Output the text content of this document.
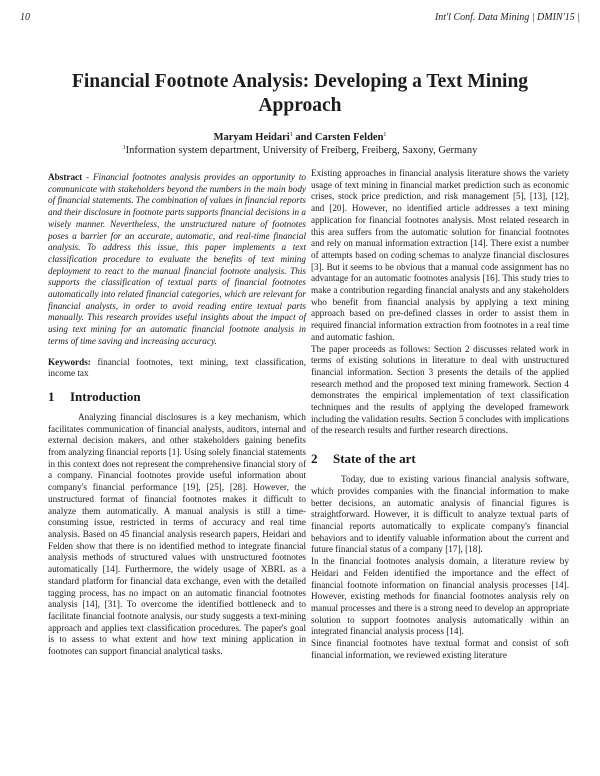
10	Int'l Conf. Data Mining | DMIN'15 |
Financial Footnote Analysis: Developing a Text Mining Approach
Maryam Heidari$^1$ and Carsten Felden$^1$
$^1$Information system department, University of Freiberg, Freiberg, Saxony, Germany

Abstract - Financial footnotes analysis provides an opportunity to communicate with stakeholders beyond the numbers in the main body of financial statements. The combination of values in financial reports and their disclosure in footnote parts supports financial decisions in a wisely manner. Nevertheless, the unstructured nature of footnotes poses a barrier for an accurate, automatic, and real-time financial analysis. To address this issue, this paper implements a text classification procedure to evaluate the benefits of text mining deployment to react to the manual financial footnote analysis. This supports the classification of textual parts of financial footnotes automatically into related financial categories, which are relevant for financial analysts, in order to avoid reading entire textual parts manually. This research provides useful insights about the impact of using text mining for an automatic financial footnote analysis in terms of time saving and increasing accuracy.

Keywords: financial footnotes, text mining, text classification, income tax

1 Introduction

Analyzing financial disclosures is a key mechanism, which facilitates communication of financial analysts, auditors, internal and external decision makers, and other stakeholders gaining benefits from analyzing financial reports [1]. Using solely financial statements in this context does not represent the comprehensive financial story of a company. Financial footnotes provide useful information about company's financial performance [19], [25], [28]. However, the unstructured format of financial footnotes makes it difficult to analyze them automatically. A manual analysis is still a time-consuming issue, restricted in terms of accuracy and real time analysis. Based on 45 financial analysis research papers, Heidari and Felden show that there is no identified method to integrate financial analysis methods of structured values with unstructured footnotes automatically [14]. Furthermore, the widely usage of XBRL as a standard platform for financial data exchange, even with the detailed tagging process, has no impact on an automatic financial footnotes analysis [14], [31]. To overcome the identified bottleneck and to facilitate financial footnote analysis, our study suggests a text-mining approach and applies text classification procedures. The paper's goal is to assess to what extent and how text mining application in footnotes can support financial analytical tasks.

Existing approaches in financial analysis literature shows the variety usage of text mining in financial market prediction such as economic crises, stock price prediction, and risk management [5], [13], [12], and [20]. However, no identified article addresses a text mining application for financial footnotes analysis. Most related research in this area suffers from the automatic solution for financial footnotes and rely on manual information extraction [14]. There exist a number of attempts based on coding schemas to analyze financial disclosures [3]. But it seems to be obvious that a manual code assignment has no advantage for an automatic footnotes analysis [16]. This study tries to make a contribution regarding financial analysts and any stakeholders who benefit from financial analysis by applying a text mining approach based on pre-defined classes in order to assist them in required financial information extraction from footnotes in a real time and automatic fashion.

The paper proceeds as follows: Section 2 discusses related work in terms of existing solutions in literature to deal with unstructured financial information. Section 3 presents the details of the applied research method and the proposed text mining framework. Section 4 demonstrates the empirical implementation of text classification techniques and the results of applying the developed framework including the validation results. Section 5 concludes with implications of the research results and further research directions.

2 State of the art

Today, due to existing various financial analysis software, which provides companies with the financial information to make better decisions, an automatic analysis of financial figures is straightforward. However, it is difficult to analyze textual parts of financial reports automatically to explicate company's financial behaviors and to identify valuable information about the current and future financial status of a company [17], [18].

In the financial footnotes analysis domain, a literature review by Heidari and Felden identified the importance and the effect of financial footnote information on financial analysis processes [14]. However, existing methods for financial footnotes analysis rely on manual processes and there is a strong need to develop an appropriate solution to support footnotes analysis automatically within an integrated financial analysis process [14].

Since financial footnotes have textual format and consist of soft financial information, we reviewed existing literature
